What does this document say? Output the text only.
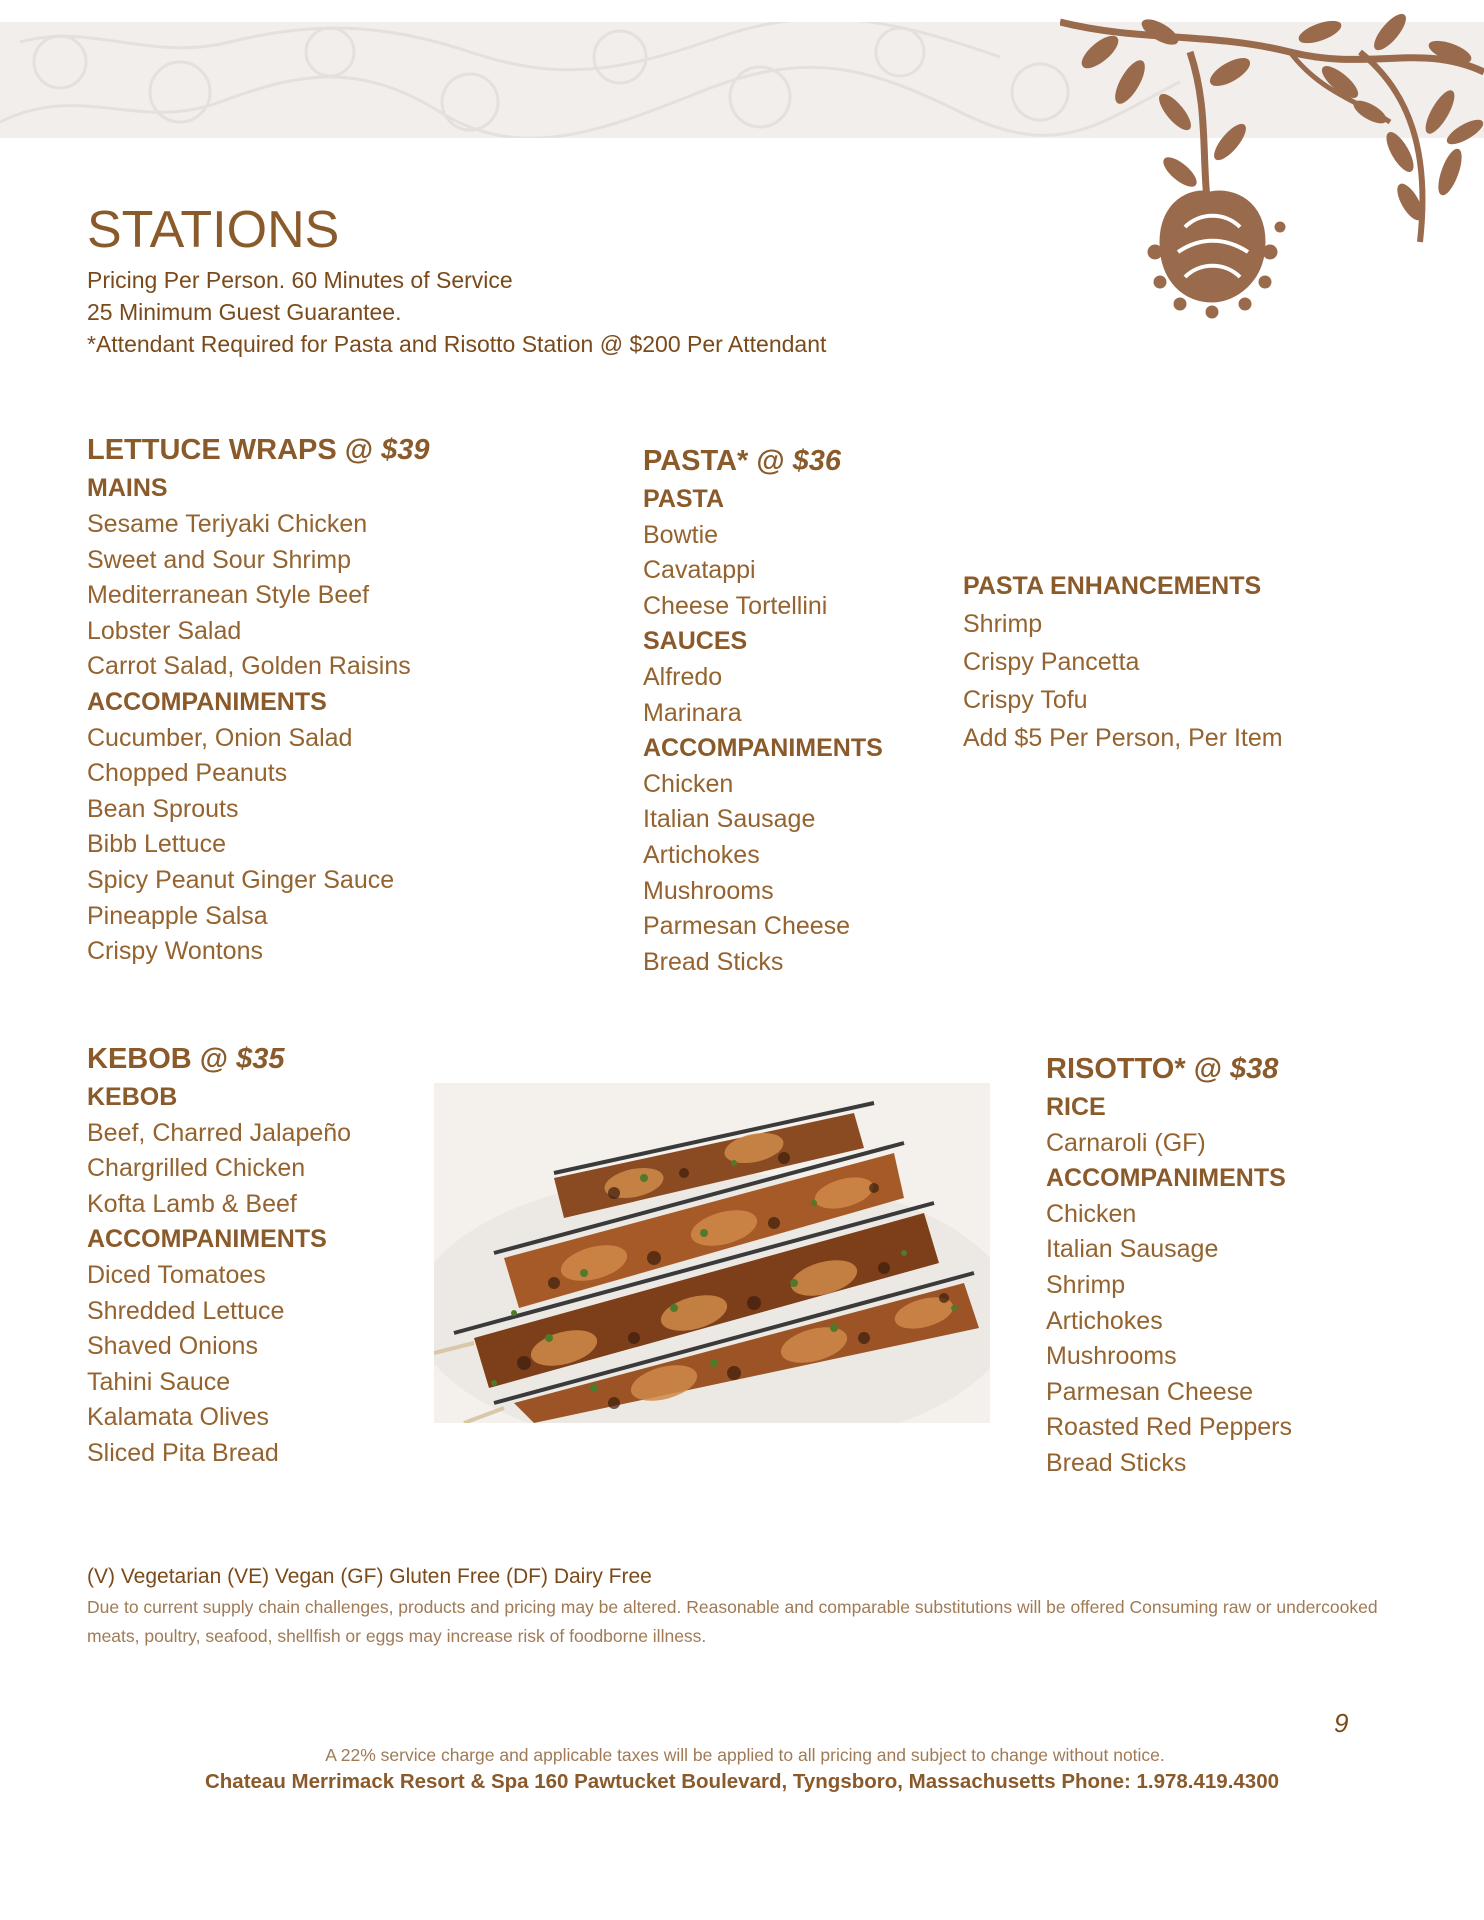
STATIONS
Pricing Per Person. 60 Minutes of Service
25 Minimum Guest Guarantee.
*Attendant Required for Pasta and Risotto Station @ $200 Per Attendant
LETTUCE WRAPS @ $39
MAINS
Sesame Teriyaki Chicken
Sweet and Sour Shrimp
Mediterranean Style Beef
Lobster Salad
Carrot Salad, Golden Raisins
ACCOMPANIMENTS
Cucumber, Onion Salad
Chopped Peanuts
Bean Sprouts
Bibb Lettuce
Spicy Peanut Ginger Sauce
Pineapple Salsa
Crispy Wontons
PASTA* @ $36
PASTA
Bowtie
Cavatappi
Cheese Tortellini
SAUCES
Alfredo
Marinara
ACCOMPANIMENTS
Chicken
Italian Sausage
Artichokes
Mushrooms
Parmesan Cheese
Bread Sticks
PASTA ENHANCEMENTS
Shrimp
Crispy Pancetta
Crispy Tofu
Add $5 Per Person, Per Item
KEBOB @ $35
KEBOB
Beef, Charred Jalapeño
Chargrilled Chicken
Kofta Lamb & Beef
ACCOMPANIMENTS
Diced Tomatoes
Shredded Lettuce
Shaved Onions
Tahini Sauce
Kalamata Olives
Sliced Pita Bread
RISOTTO* @ $38
RICE
Carnaroli (GF)
ACCOMPANIMENTS
Chicken
Italian Sausage
Shrimp
Artichokes
Mushrooms
Parmesan Cheese
Roasted Red Peppers
Bread Sticks
(V) Vegetarian (VE) Vegan (GF) Gluten Free (DF) Dairy Free
Due to current supply chain challenges, products and pricing may be altered. Reasonable and comparable substitutions will be offered Consuming raw or undercooked meats, poultry, seafood, shellfish or eggs may increase risk of foodborne illness.
9
A 22% service charge and applicable taxes will be applied to all pricing and subject to change without notice.
Chateau Merrimack Resort & Spa 160 Pawtucket Boulevard, Tyngsboro, Massachusetts Phone: 1.978.419.4300
